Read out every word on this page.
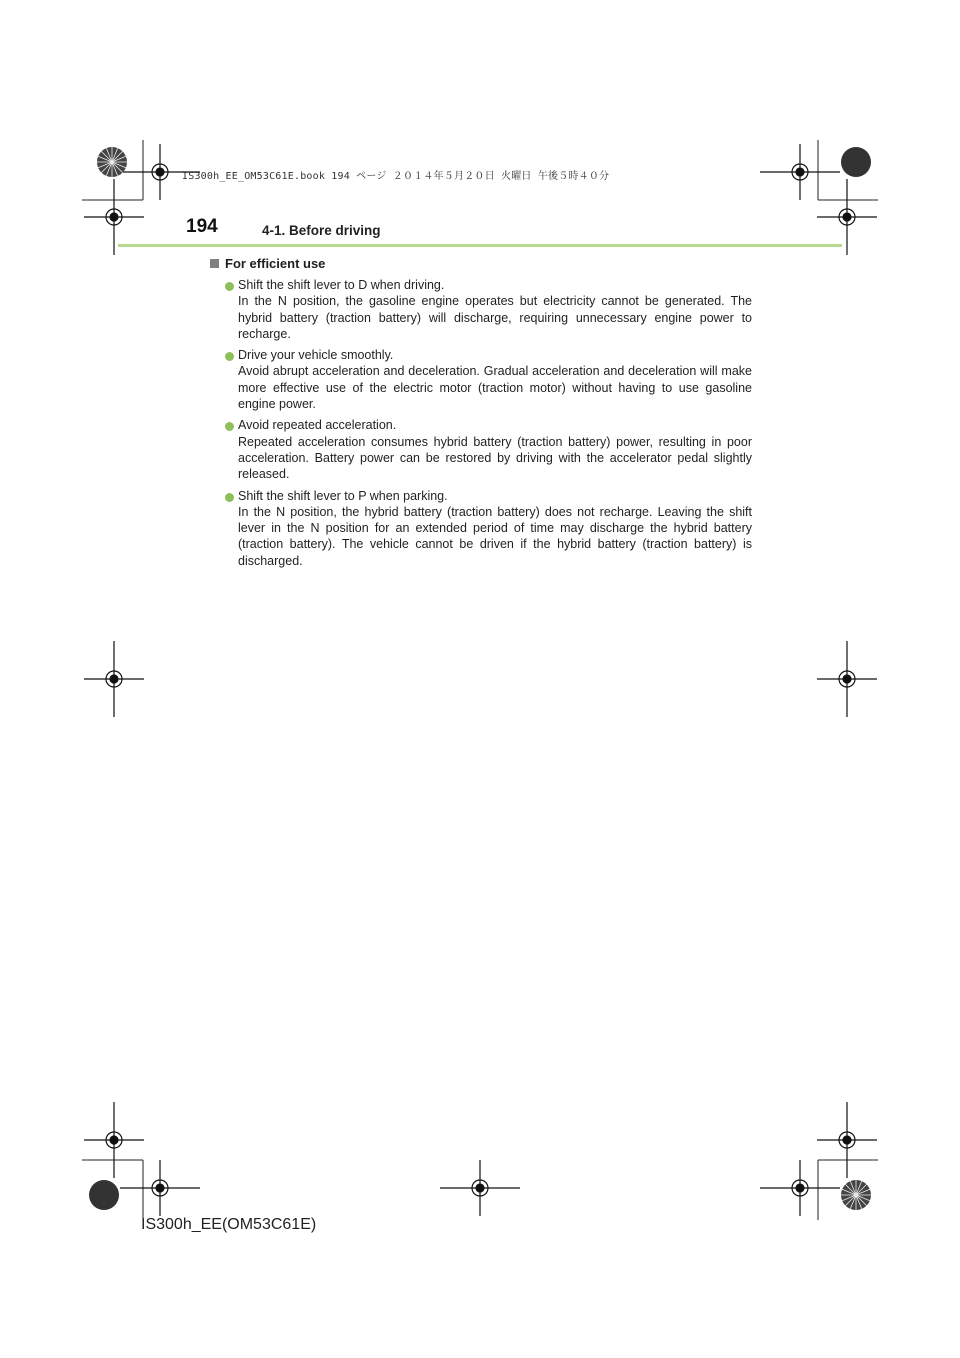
IS300h_EE_OM53C61E.book 194 ページ ２０１４年５月２０日 火曜日 午後５時４０分
194	4-1. Before driving
For efficient use
Shift the shift lever to D when driving.
In the N position, the gasoline engine operates but electricity cannot be generated. The hybrid battery (traction battery) will discharge, requiring unnecessary engine power to recharge.
Drive your vehicle smoothly.
Avoid abrupt acceleration and deceleration. Gradual acceleration and deceleration will make more effective use of the electric motor (traction motor) without having to use gasoline engine power.
Avoid repeated acceleration.
Repeated acceleration consumes hybrid battery (traction battery) power, resulting in poor acceleration. Battery power can be restored by driving with the accelerator pedal slightly released.
Shift the shift lever to P when parking.
In the N position, the hybrid battery (traction battery) does not recharge. Leaving the shift lever in the N position for an extended period of time may discharge the hybrid battery (traction battery). The vehicle cannot be driven if the hybrid battery (traction battery) is discharged.
IS300h_EE(OM53C61E)
